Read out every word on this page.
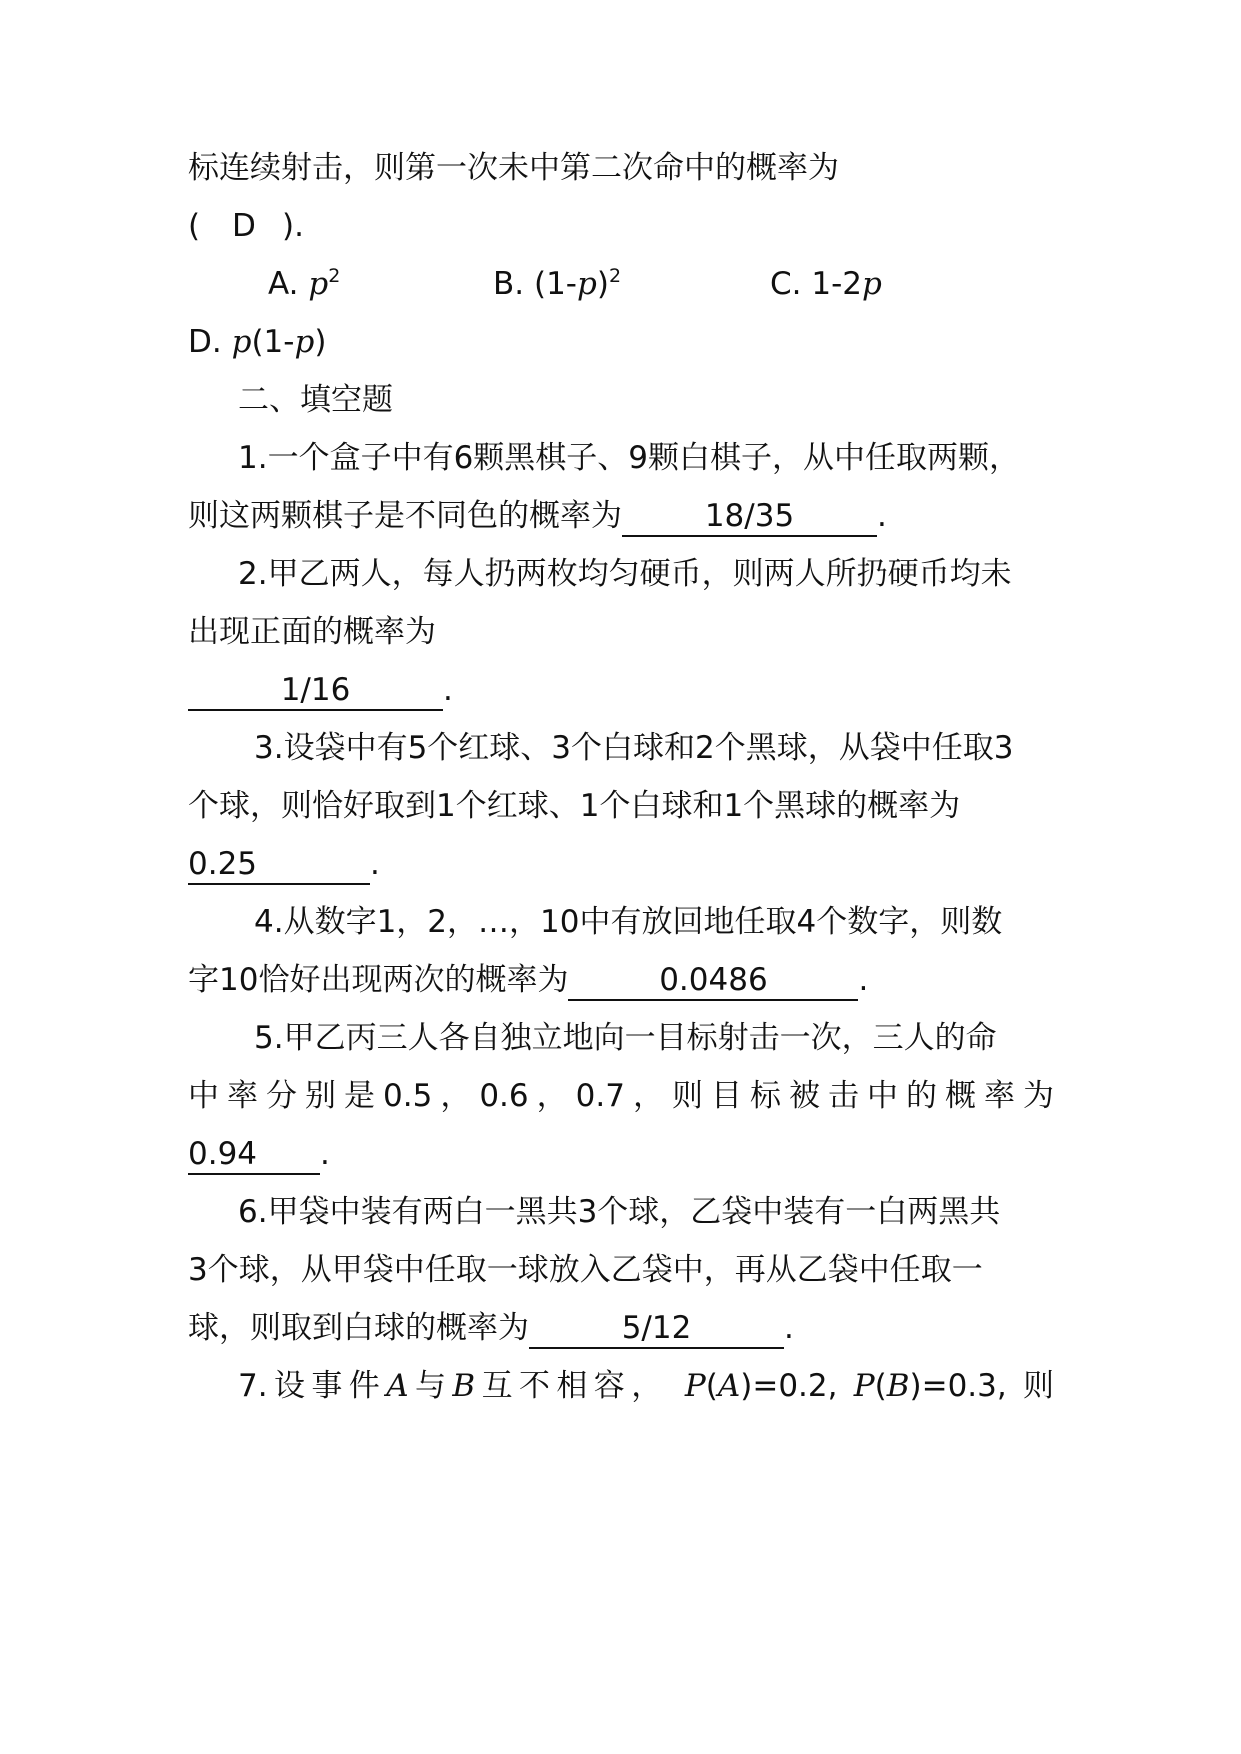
标连续射击，则第一次未中第二次命中的概率为
( D ).
A. $p^2$	B. $(1-p)^2$	C. 1-2p
D. p(1-p)
二、填空题
1.一个盒子中有6颗黑棋子、9颗白棋子，从中任取两颗，
则这两颗棋子是不同色的概率为	18/35	.
2.甲乙两人，每人扔两枚均匀硬币，则两人所扔硬币均未
出现正面的概率为
1/16	.
3.设袋中有5个红球、3个白球和2个黑球，从袋中任取3
个球，则恰好取到1个红球、1个白球和1个黑球的概率为
0.25	.
4.从数字1，2，…，10中有放回地任取4个数字，则数
字10恰好出现两次的概率为	0.0486	.
5.甲乙丙三人各自独立地向一目标射击一次，三人的命
中率分别是0.5，0.6，0.7，则目标被击中的概率为
0.94 .
6.甲袋中装有两白一黑共3个球，乙袋中装有一白两黑共
3个球，从甲袋中任取一球放入乙袋中，再从乙袋中任取一
球，则取到白球的概率为	5/12	.
7.设事件A与B互不相容， P(A)=0.2, P(B)=0.3, 则
